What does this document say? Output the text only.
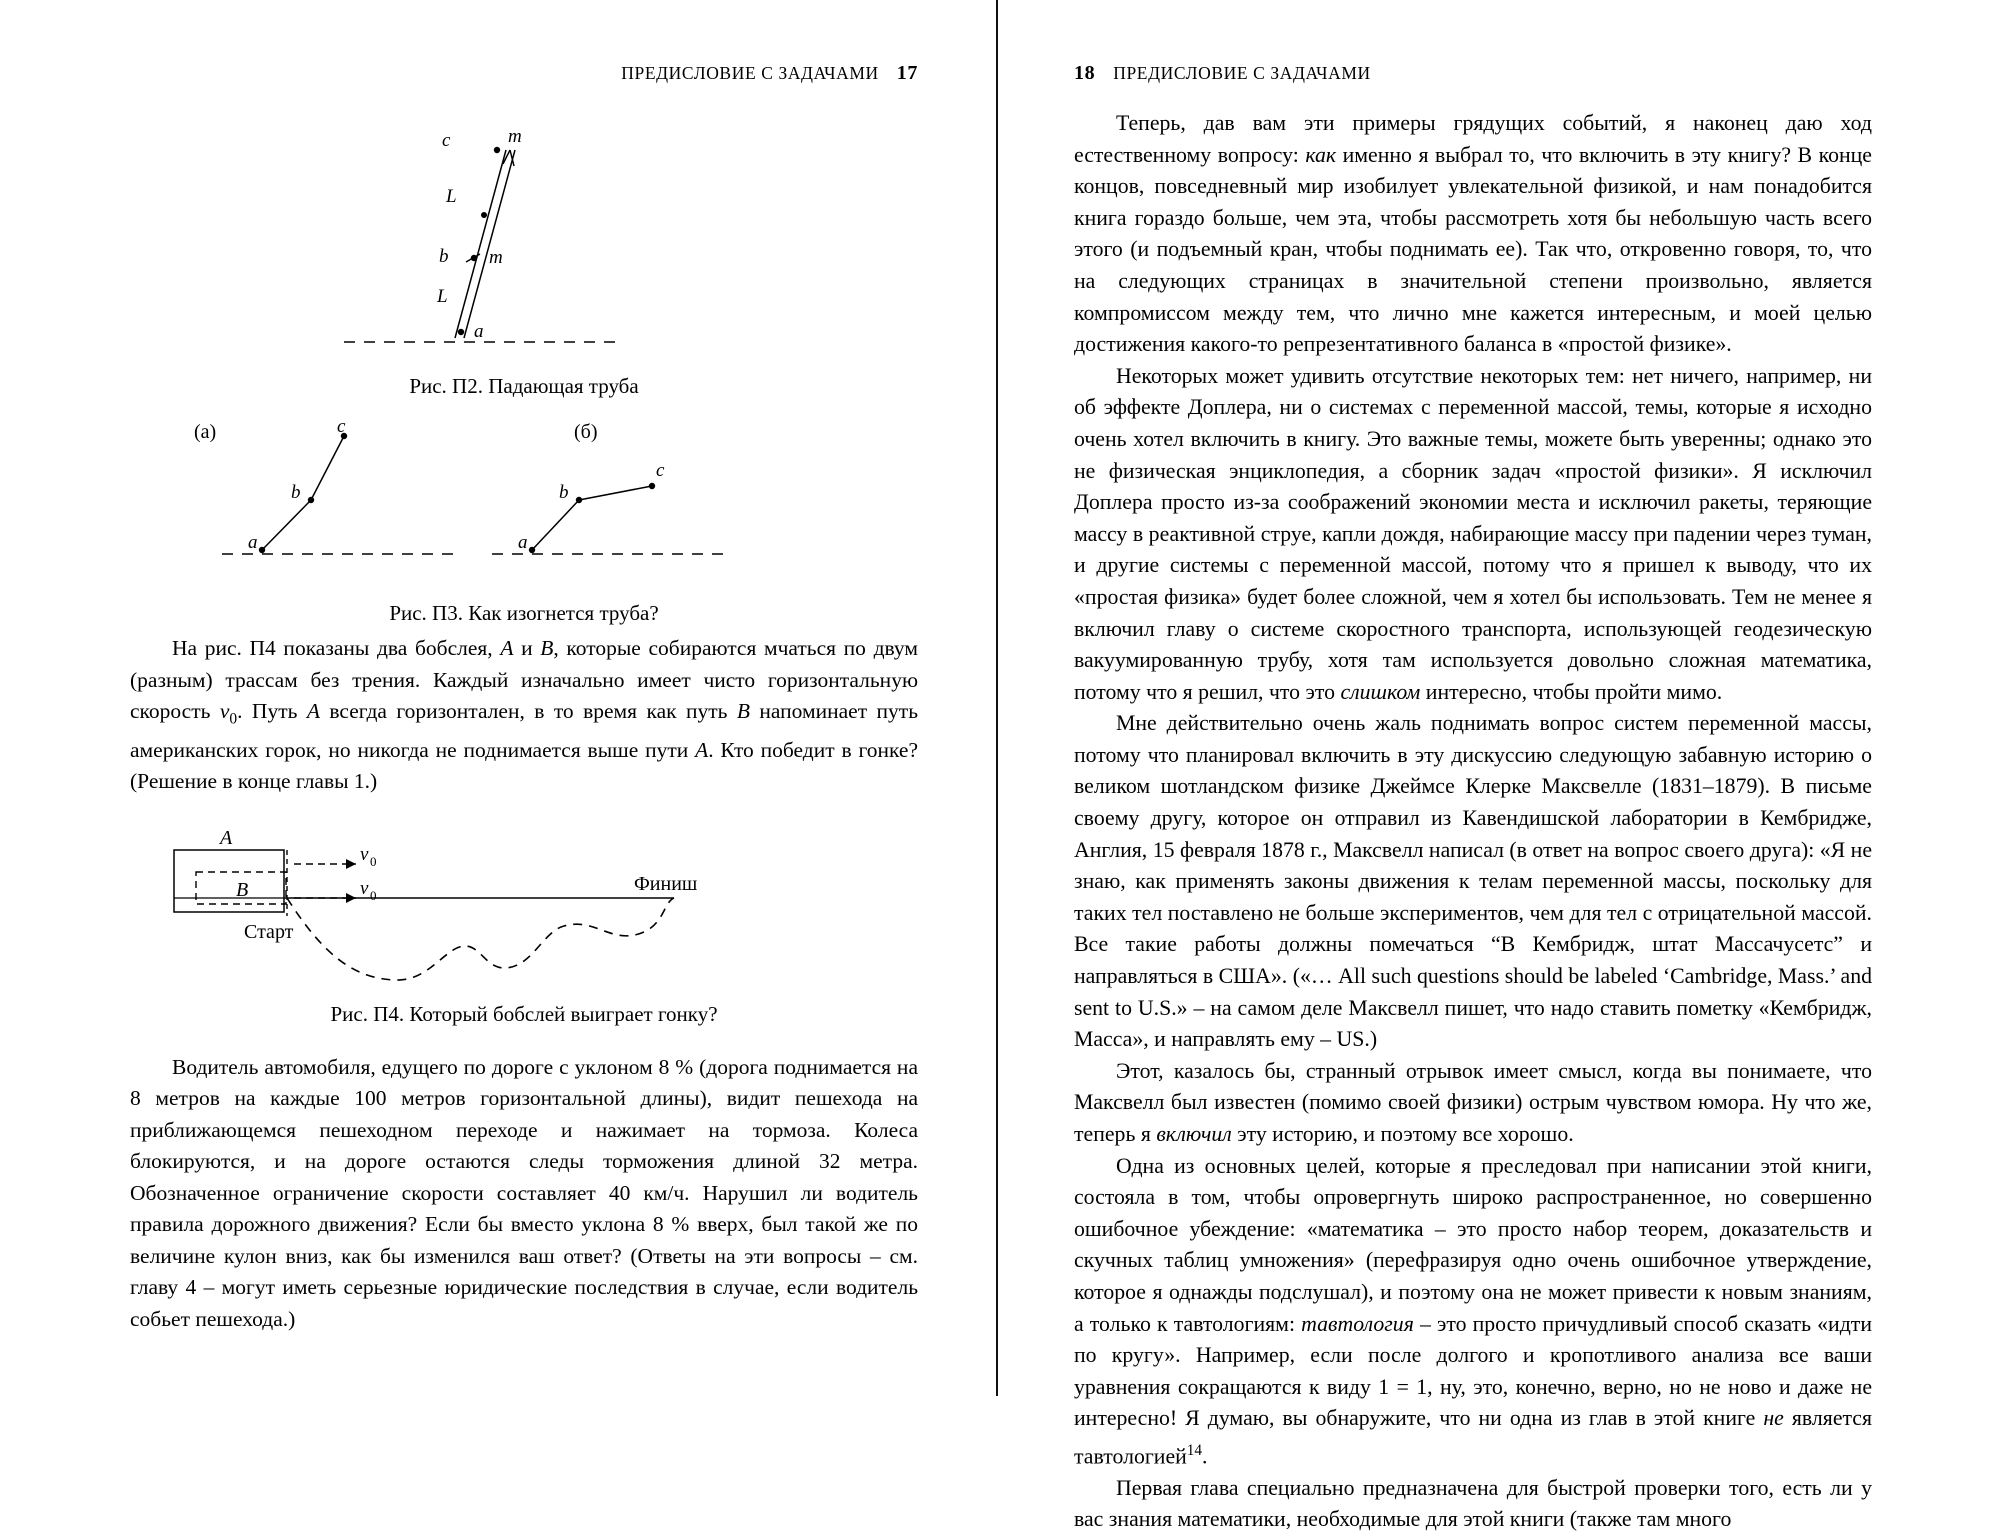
ПРЕДИСЛОВИЕ С ЗАДАЧАМИ 17
c	m
b m
a
L
L
Рис. П2. Падающая труба
a
b
c
(а)
a
b
c
(б)
Рис. П3. Как изогнется труба?

На рис. П4 показаны два бобслея, A и B, которые собираются мчаться по двум (разным) трассам без трения. Каждый изначально имеет чисто горизонтальную скорость $v_0$. Путь A всегда горизонтален, в то время как путь B напоминает путь американских горок, но никогда не поднимается выше пути A. Кто победит в гонке? (Решение в конце главы 1.)

A
B
v 0
v 0
Старт
Финиш
Рис. П4. Который бобслей выиграет гонку?

Водитель автомобиля, едущего по дороге с уклоном 8 % (дорога поднимается на 8 метров на каждые 100 метров горизонтальной длины), видит пешехода на приближающемся пешеходном переходе и нажимает на тормоза. Колеса блокируются, и на дороге остаются следы торможения длиной 32 метра. Обозначенное ограничение скорости составляет 40 км/ч. Нарушил ли водитель правила дорожного движения? Если бы вместо уклона 8 % вверх, был такой же по величине кулон вниз, как бы изменился ваш ответ? (Ответы на эти вопросы – см. главу 4 – могут иметь серьезные юридические последствия в случае, если водитель собьет пешехода.)

18 ПРЕДИСЛОВИЕ С ЗАДАЧАМИ

Теперь, дав вам эти примеры грядущих событий, я наконец даю ход естественному вопросу: как именно я выбрал то, что включить в эту книгу? В конце концов, повседневный мир изобилует увлекательной физикой, и нам понадобится книга гораздо больше, чем эта, чтобы рассмотреть хотя бы небольшую часть всего этого (и подъемный кран, чтобы поднимать ее). Так что, откровенно говоря, то, что на следующих страницах в значительной степени произвольно, является компромиссом между тем, что лично мне кажется интересным, и моей целью достижения какого-то репрезентативного баланса в «простой физике».

Некоторых может удивить отсутствие некоторых тем: нет ничего, например, ни об эффекте Доплера, ни о системах с переменной массой, темы, которые я исходно очень хотел включить в книгу. Это важные темы, можете быть уверенны; однако это не физическая энциклопедия, а сборник задач «простой физики». Я исключил Доплера просто из-за соображений экономии места и исключил ракеты, теряющие массу в реактивной струе, капли дождя, набирающие массу при падении через туман, и другие системы с переменной массой, потому что я пришел к выводу, что их «простая физика» будет более сложной, чем я хотел бы использовать. Тем не менее я включил главу о системе скоростного транспорта, использующей геодезическую вакуумированную трубу, хотя там используется довольно сложная математика, потому что я решил, что это слишком интересно, чтобы пройти мимо.

Мне действительно очень жаль поднимать вопрос систем переменной массы, потому что планировал включить в эту дискуссию следующую забавную историю о великом шотландском физике Джеймсе Клерке Максвелле (1831–1879). В письме своему другу, которое он отправил из Кавендишской лаборатории в Кембридже, Англия, 15 февраля 1878 г., Максвелл написал (в ответ на вопрос своего друга): «Я не знаю, как применять законы движения к телам переменной массы, поскольку для таких тел поставлено не больше экспериментов, чем для тел с отрицательной массой. Все такие работы должны помечаться “В Кембридж, штат Массачусетс” и направляться в США». («… All such questions should be labeled ‘Cambridge, Mass.’ and sent to U.S.» – на самом деле Максвелл пишет, что надо ставить пометку «Кембридж, Масса», и направлять ему – US.)

Этот, казалось бы, странный отрывок имеет смысл, когда вы понимаете, что Максвелл был известен (помимо своей физики) острым чувством юмора. Ну что же, теперь я включил эту историю, и поэтому все хорошо.

Одна из основных целей, которые я преследовал при написании этой книги, состояла в том, чтобы опровергнуть широко распространенное, но совершенно ошибочное убеждение: «математика – это просто набор теорем, доказательств и скучных таблиц умножения» (перефразируя одно очень ошибочное утверждение, которое я однажды подслушал), и поэтому она не может привести к новым знаниям, а только к тавтологиям: тавтология – это просто причудливый способ сказать «идти по кругу». Например, если после долгого и кропотливого анализа все ваши уравнения сокращаются к виду 1 = 1, ну, это, конечно, верно, но не ново и даже не интересно! Я думаю, вы обнаружите, что ни одна из глав в этой книге не является тавтологией$^{14}$.

Первая глава специально предназначена для быстрой проверки того, есть ли у вас знания математики, необходимые для этой книги (также там много
